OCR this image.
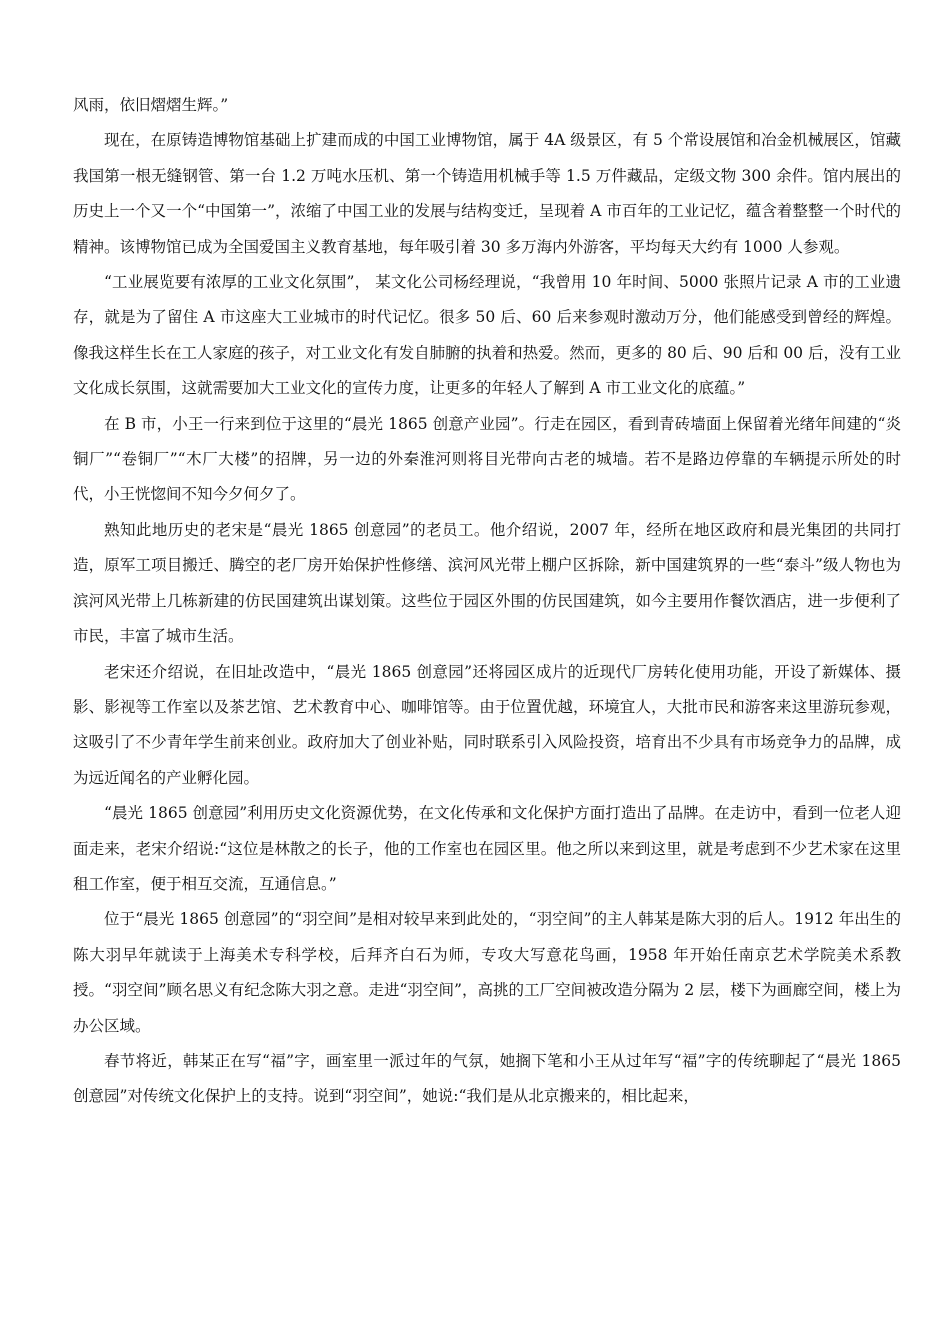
风雨，依旧熠熠生辉。”

现在，在原铸造博物馆基础上扩建而成的中国工业博物馆，属于 4A 级景区，有 5 个常设展馆和冶金机械展区，馆藏我国第一根无缝钢管、第一台 1.2 万吨水压机、第一个铸造用机械手等 1.5 万件藏品，定级文物 300 余件。馆内展出的历史上一个又一个“中国第一”，浓缩了中国工业的发展与结构变迁，呈现着 A 市百年的工业记忆，蕴含着整整一个时代的精神。该博物馆已成为全国爱国主义教育基地，每年吸引着 30 多万海内外游客，平均每天大约有 1000 人参观。

“工业展览要有浓厚的工业文化氛围”， 某文化公司杨经理说，“我曾用 10 年时间、5000 张照片记录 A 市的工业遗存，就是为了留住 A 市这座大工业城市的时代记忆。很多 50 后、60 后来参观时激动万分，他们能感受到曾经的辉煌。像我这样生长在工人家庭的孩子，对工业文化有发自肺腑的执着和热爱。然而，更多的 80 后、90 后和 00 后，没有工业文化成长氛围，这就需要加大工业文化的宣传力度，让更多的年轻人了解到 A 市工业文化的底蕴。”

在 B 市，小王一行来到位于这里的“晨光 1865 创意产业园”。行走在园区，看到青砖墙面上保留着光绪年间建的“炎铜厂”“卷铜厂”“木厂大楼”的招牌，另一边的外秦淮河则将目光带向古老的城墙。若不是路边停靠的车辆提示所处的时代，小王恍惚间不知今夕何夕了。

熟知此地历史的老宋是“晨光 1865 创意园”的老员工。他介绍说，2007 年，经所在地区政府和晨光集团的共同打造，原军工项目搬迁、腾空的老厂房开始保护性修缮、滨河风光带上棚户区拆除，新中国建筑界的一些“泰斗”级人物也为滨河风光带上几栋新建的仿民国建筑出谋划策。这些位于园区外围的仿民国建筑，如今主要用作餐饮酒店，进一步便利了市民，丰富了城市生活。

老宋还介绍说，在旧址改造中，“晨光 1865 创意园”还将园区成片的近现代厂房转化使用功能，开设了新媒体、摄影、影视等工作室以及茶艺馆、艺术教育中心、咖啡馆等。由于位置优越，环境宜人，大批市民和游客来这里游玩参观，这吸引了不少青年学生前来创业。政府加大了创业补贴，同时联系引入风险投资，培育出不少具有市场竞争力的品牌，成为远近闻名的产业孵化园。

“晨光 1865 创意园”利用历史文化资源优势，在文化传承和文化保护方面打造出了品牌。在走访中，看到一位老人迎面走来，老宋介绍说:“这位是林散之的长子，他的工作室也在园区里。他之所以来到这里，就是考虑到不少艺术家在这里租工作室，便于相互交流，互通信息。”

位于“晨光 1865 创意园”的“羽空间”是相对较早来到此处的，“羽空间”的主人韩某是陈大羽的后人。1912 年出生的陈大羽早年就读于上海美术专科学校，后拜齐白石为师，专攻大写意花鸟画，1958 年开始任南京艺术学院美术系教授。“羽空间”顾名思义有纪念陈大羽之意。走进“羽空间”，高挑的工厂空间被改造分隔为 2 层，楼下为画廊空间，楼上为办公区域。

春节将近，韩某正在写“福”字，画室里一派过年的气氛，她搁下笔和小王从过年写“福”字的传统聊起了“晨光 1865 创意园”对传统文化保护上的支持。说到“羽空间”，她说:“我们是从北京搬来的，相比起来，
